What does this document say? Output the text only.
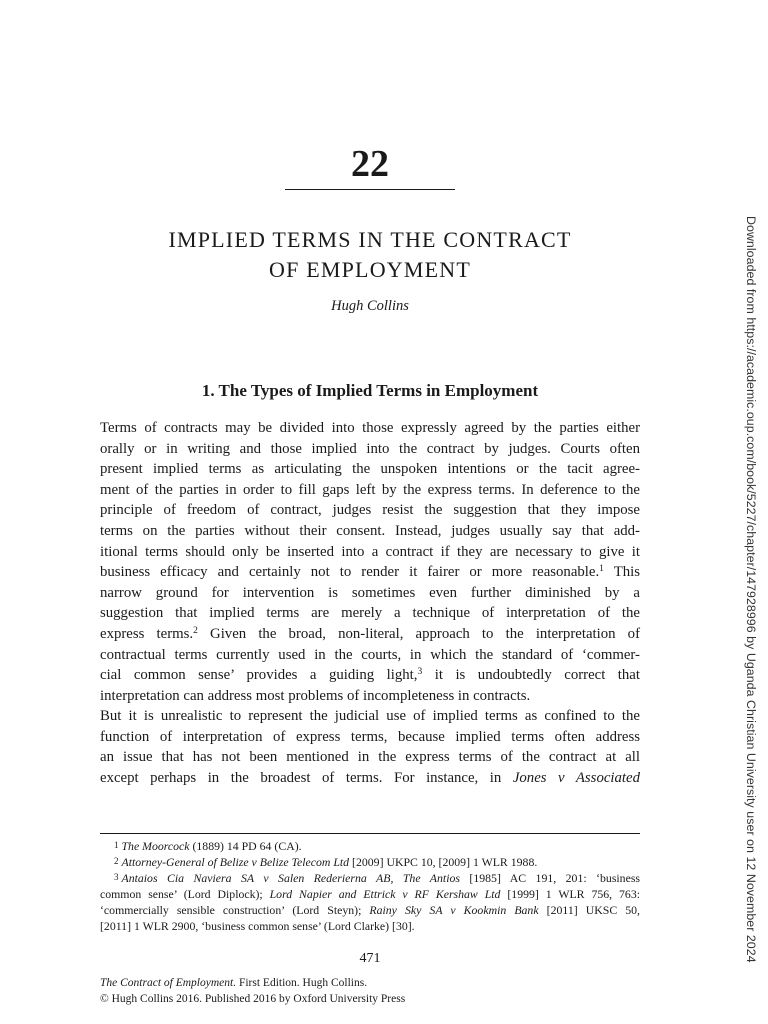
22
IMPLIED TERMS IN THE CONTRACT
OF EMPLOYMENT
Hugh Collins
1. The Types of Implied Terms in Employment
Terms of contracts may be divided into those expressly agreed by the parties either
orally or in writing and those implied into the contract by judges. Courts often
present implied terms as articulating the unspoken intentions or the tacit agree-
ment of the parties in order to fill gaps left by the express terms. In deference to the
principle of freedom of contract, judges resist the suggestion that they impose
terms on the parties without their consent. Instead, judges usually say that add-
itional terms should only be inserted into a contract if they are necessary to give it
business efficacy and certainly not to render it fairer or more reasonable.$^1$ This
narrow ground for intervention is sometimes even further diminished by a
suggestion that implied terms are merely a technique of interpretation of the
express terms.$^2$ Given the broad, non-literal, approach to the interpretation of
contractual terms currently used in the courts, in which the standard of ‘commer-
cial common sense’ provides a guiding light,$^3$ it is undoubtedly correct that
interpretation can address most problems of incompleteness in contracts.
But it is unrealistic to represent the judicial use of implied terms as confined to the
function of interpretation of express terms, because implied terms often address
an issue that has not been mentioned in the express terms of the contract at all
except perhaps in the broadest of terms. For instance, in Jones v Associated
1 The Moorcock (1889) 14 PD 64 (CA).
2 Attorney-General of Belize v Belize Telecom Ltd [2009] UKPC 10, [2009] 1 WLR 1988.
3 Antaios Cia Naviera SA v Salen Rederierna AB, The Antios [1985] AC 191, 201: ‘business
common sense’ (Lord Diplock); Lord Napier and Ettrick v RF Kershaw Ltd [1999] 1 WLR 756, 763:
‘commercially sensible construction’ (Lord Steyn); Rainy Sky SA v Kookmin Bank [2011] UKSC 50,
[2011] 1 WLR 2900, ‘business common sense’ (Lord Clarke) [30].
471
The Contract of Employment. First Edition. Hugh Collins.
© Hugh Collins 2016. Published 2016 by Oxford University Press
Downloaded from https://academic.oup.com/book/5227/chapter/147928996 by Uganda Christian University user on 12 November 2024
